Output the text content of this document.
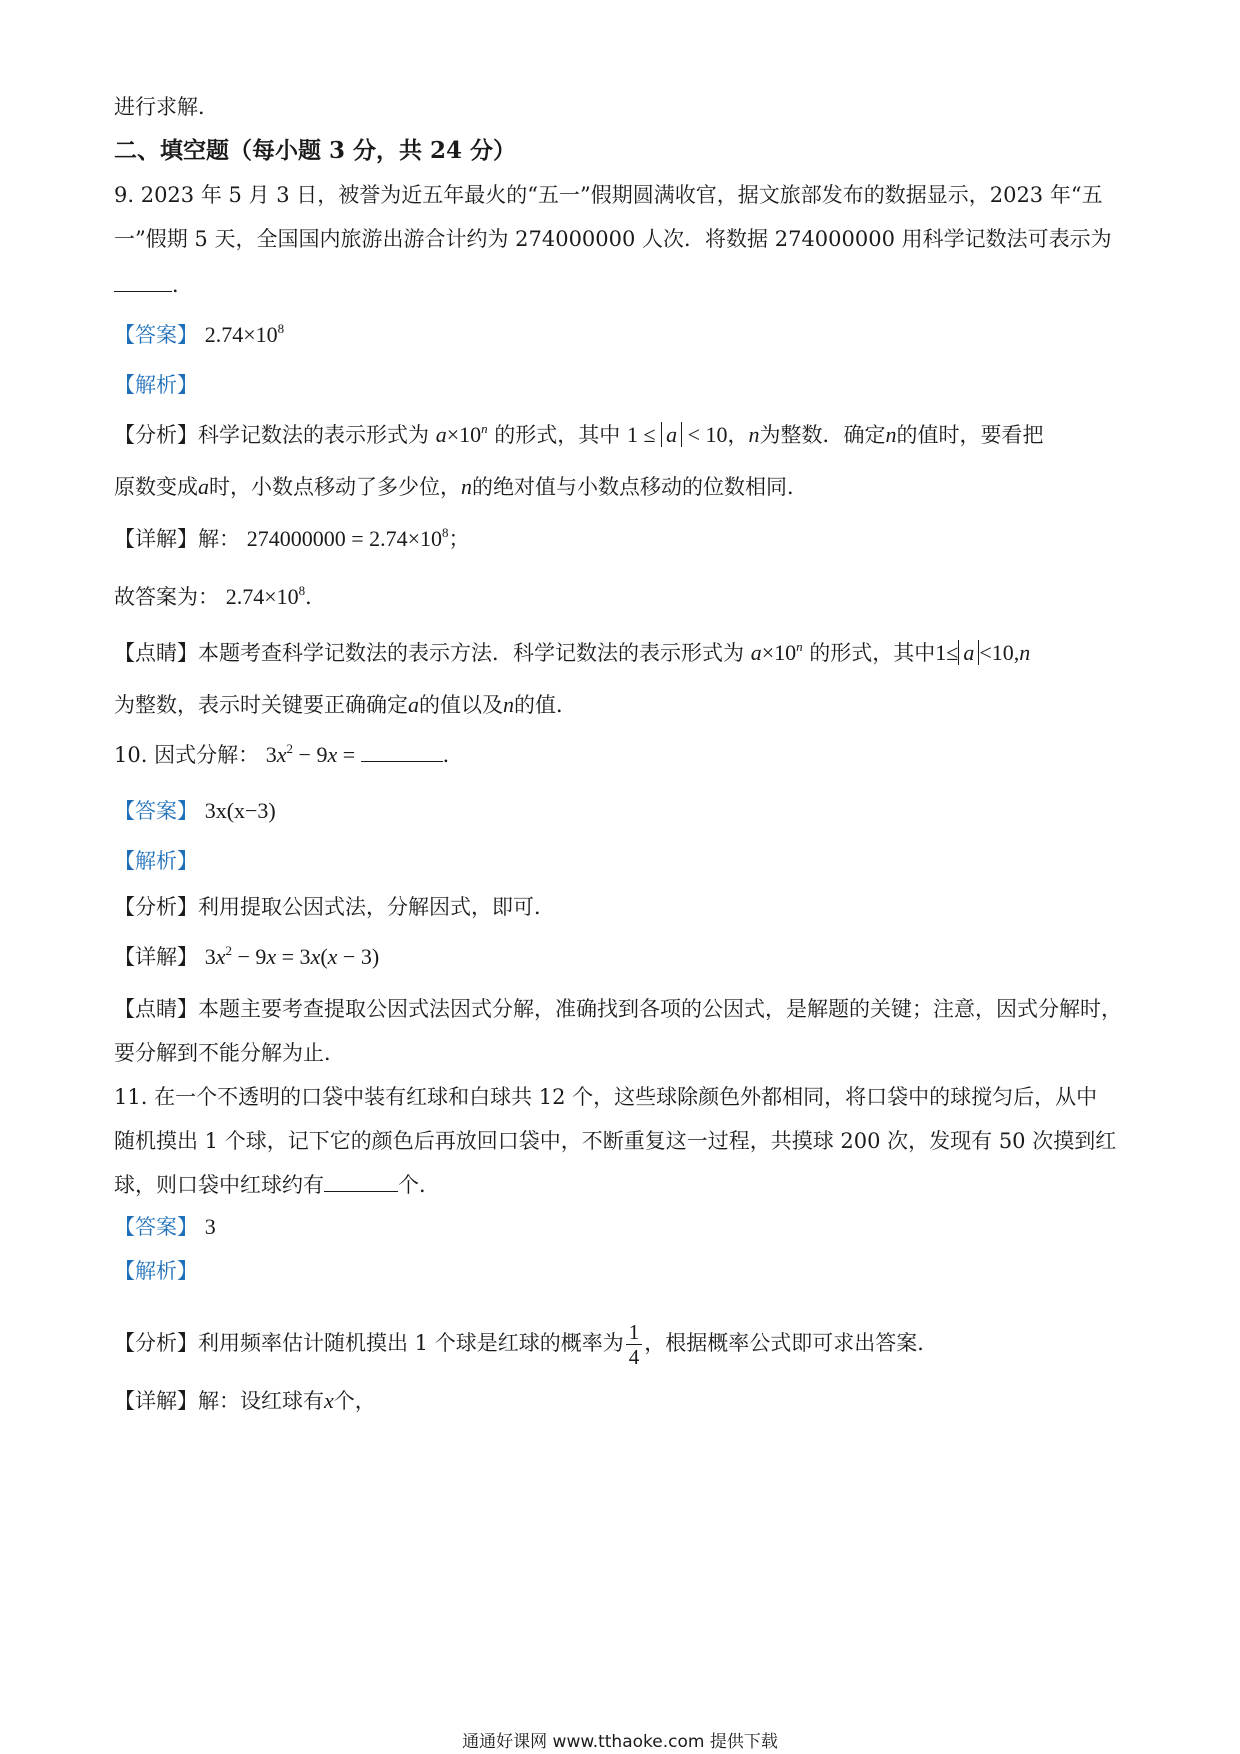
进行求解．
二、填空题（每小题 3 分，共 24 分）
9. 2023 年 5 月 3 日，被誉为近五年最火的“五一”假期圆满收官，据文旅部发布的数据显示，2023 年“五
一”假期 5 天，全国国内旅游出游合计约为 274000000 人次．将数据 274000000 用科学记数法可表示为
．
【答案】 $2.74\times 10^8$
【解析】
【分析】科学记数法的表示形式为 $a\times 10^n$ 的形式，其中 1 ≤ a < 10，n为整数．确定n的值时，要看把
原数变成a时，小数点移动了多少位，n的绝对值与小数点移动的位数相同．
【详解】解： $274000000 = 2.74\times 10^8$；
故答案为： $2.74\times 10^8$．
【点睛】本题考查科学记数法的表示方法．科学记数法的表示形式为 $a\times 10^n$ 的形式，其中1≤ a <10,n
为整数，表示时关键要正确确定a的值以及n的值．
10. 因式分解： $3x^2 - 9x$ =	．
【答案】 3x(x−3)
【解析】
【分析】利用提取公因式法，分解因式，即可．
【详解】 $3x^2 - 9x = 3x(x - 3)$
【点睛】本题主要考查提取公因式法因式分解，准确找到各项的公因式，是解题的关键；注意，因式分解时，
要分解到不能分解为止．
11. 在一个不透明的口袋中装有红球和白球共 12 个，这些球除颜色外都相同，将口袋中的球搅匀后，从中
随机摸出 1 个球，记下它的颜色后再放回口袋中，不断重复这一过程，共摸球 200 次，发现有 50 次摸到红
球，则口袋中红球约有	个．
【答案】 3
【解析】
【分析】利用频率估计随机摸出 1 个球是红球的概率为 $\frac{1}{4}$ ，根据概率公式即可求出答案．
【详解】解：设红球有x个，
通通好课网 www.tthaoke.com 提供下载
